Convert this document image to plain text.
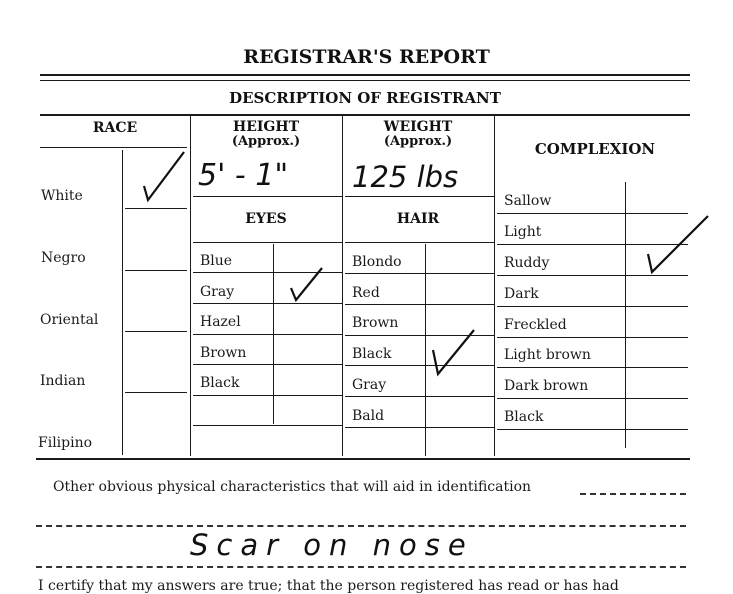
REGISTRAR'S REPORT
DESCRIPTION OF REGISTRANT
RACE
White
Negro
Oriental
Indian
Filipino
HEIGHT
(Approx.)
5' - 1"
EYES
Blue
Gray
Hazel
Brown
Black
WEIGHT
(Approx.)
125 lbs
HAIR
Blondo
Red
Brown
Black
Gray
Bald
COMPLEXION
Sallow
Light
Ruddy
Dark
Freckled
Light brown
Dark brown
Black
Other obvious physical characteristics that will aid in identification
Scar on nose
I certify that my answers are true; that the person registered has read or has had
